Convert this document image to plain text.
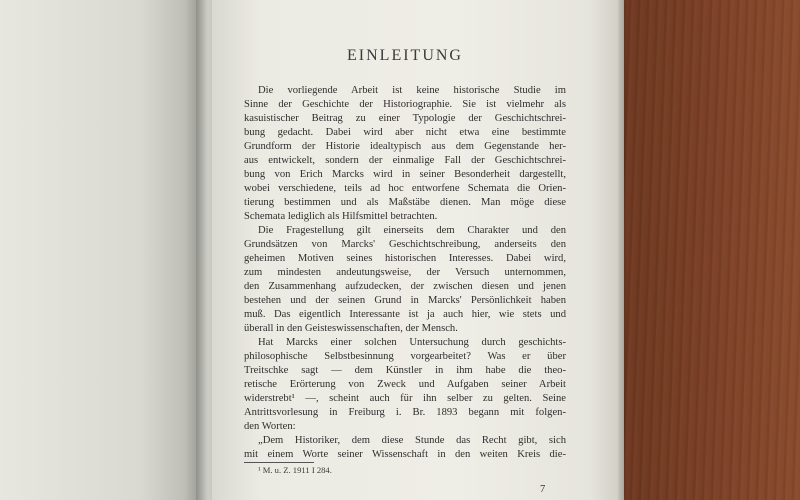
EINLEITUNG
Die vorliegende Arbeit ist keine historische Studie im
Sinne der Geschichte der Historiographie. Sie ist vielmehr als
kasuistischer Beitrag zu einer Typologie der Geschichtschrei-
bung gedacht. Dabei wird aber nicht etwa eine bestimmte
Grundform der Historie idealtypisch aus dem Gegenstande her-
aus entwickelt, sondern der einmalige Fall der Geschichtschrei-
bung von Erich Marcks wird in seiner Besonderheit dargestellt,
wobei verschiedene, teils ad hoc entworfene Schemata die Orien-
tierung bestimmen und als Maßstäbe dienen. Man möge diese
Schemata lediglich als Hilfsmittel betrachten.
Die Fragestellung gilt einerseits dem Charakter und den
Grundsätzen von Marcks' Geschichtschreibung, anderseits den
geheimen Motiven seines historischen Interesses. Dabei wird,
zum mindesten andeutungsweise, der Versuch unternommen,
den Zusammenhang aufzudecken, der zwischen diesen und jenen
bestehen und der seinen Grund in Marcks' Persönlichkeit haben
muß. Das eigentlich Interessante ist ja auch hier, wie stets und
überall in den Geisteswissenschaften, der Mensch.
Hat Marcks einer solchen Untersuchung durch geschichts-
philosophische Selbstbesinnung vorgearbeitet? Was er über
Treitschke sagt — dem Künstler in ihm habe die theo-
retische Erörterung von Zweck und Aufgaben seiner Arbeit
widerstrebt¹ —, scheint auch für ihn selber zu gelten. Seine
Antrittsvorlesung in Freiburg i. Br. 1893 begann mit folgen-
den Worten:
„Dem Historiker, dem diese Stunde das Recht gibt, sich
mit einem Worte seiner Wissenschaft in den weiten Kreis die-
¹ M. u. Z. 1911 I 284.
7
